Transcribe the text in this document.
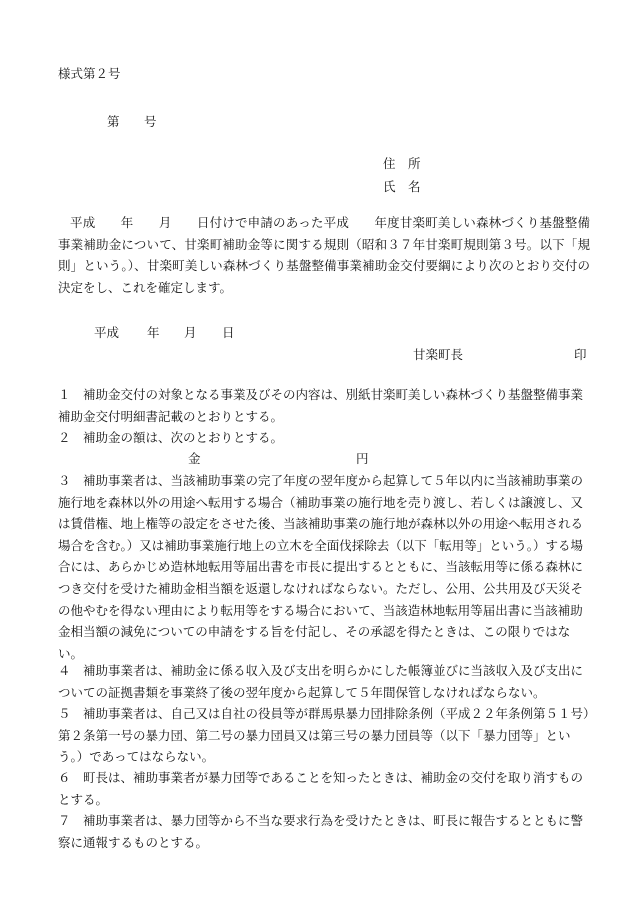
様式第２号
第 号
住　所
氏　名
平成　　年　　月　　日付けで申請のあった平成　　年度甘楽町美しい森林づくり基盤整備事業補助金について、甘楽町補助金等に関する規則（昭和３７年甘楽町規則第３号。以下「規則」という。）、甘楽町美しい森林づくり基盤整備事業補助金交付要綱により次のとおり交付の決定をし、これを確定します。
平成 年 月 日
甘楽町長	印
１　補助金交付の対象となる事業及びその内容は、別紙甘楽町美しい森林づくり基盤整備事業補助金交付明細書記載のとおりとする。
２　補助金の額は、次のとおりとする。
金	円
３　補助事業者は、当該補助事業の完了年度の翌年度から起算して５年以内に当該補助事業の施行地を森林以外の用途へ転用する場合（補助事業の施行地を売り渡し、若しくは譲渡し、又は賃借権、地上権等の設定をさせた後、当該補助事業の施行地が森林以外の用途へ転用される場合を含む。）又は補助事業施行地上の立木を全面伐採除去（以下「転用等」という。）する場合には、あらかじめ造林地転用等届出書を市長に提出するとともに、当該転用等に係る森林につき交付を受けた補助金相当額を返還しなければならない。ただし、公用、公共用及び天災その他やむを得ない理由により転用等をする場合において、当該造林地転用等届出書に当該補助金相当額の減免についての申請をする旨を付記し、その承認を得たときは、この限りではない。
４　補助事業者は、補助金に係る収入及び支出を明らかにした帳簿並びに当該収入及び支出についての証拠書類を事業終了後の翌年度から起算して５年間保管しなければならない。
５　補助事業者は、自己又は自社の役員等が群馬県暴力団排除条例（平成２２年条例第５１号）第２条第一号の暴力団、第二号の暴力団員又は第三号の暴力団員等（以下「暴力団等」という。）であってはならない。
６　町長は、補助事業者が暴力団等であることを知ったときは、補助金の交付を取り消すものとする。
７　補助事業者は、暴力団等から不当な要求行為を受けたときは、町長に報告するとともに警察に通報するものとする。
